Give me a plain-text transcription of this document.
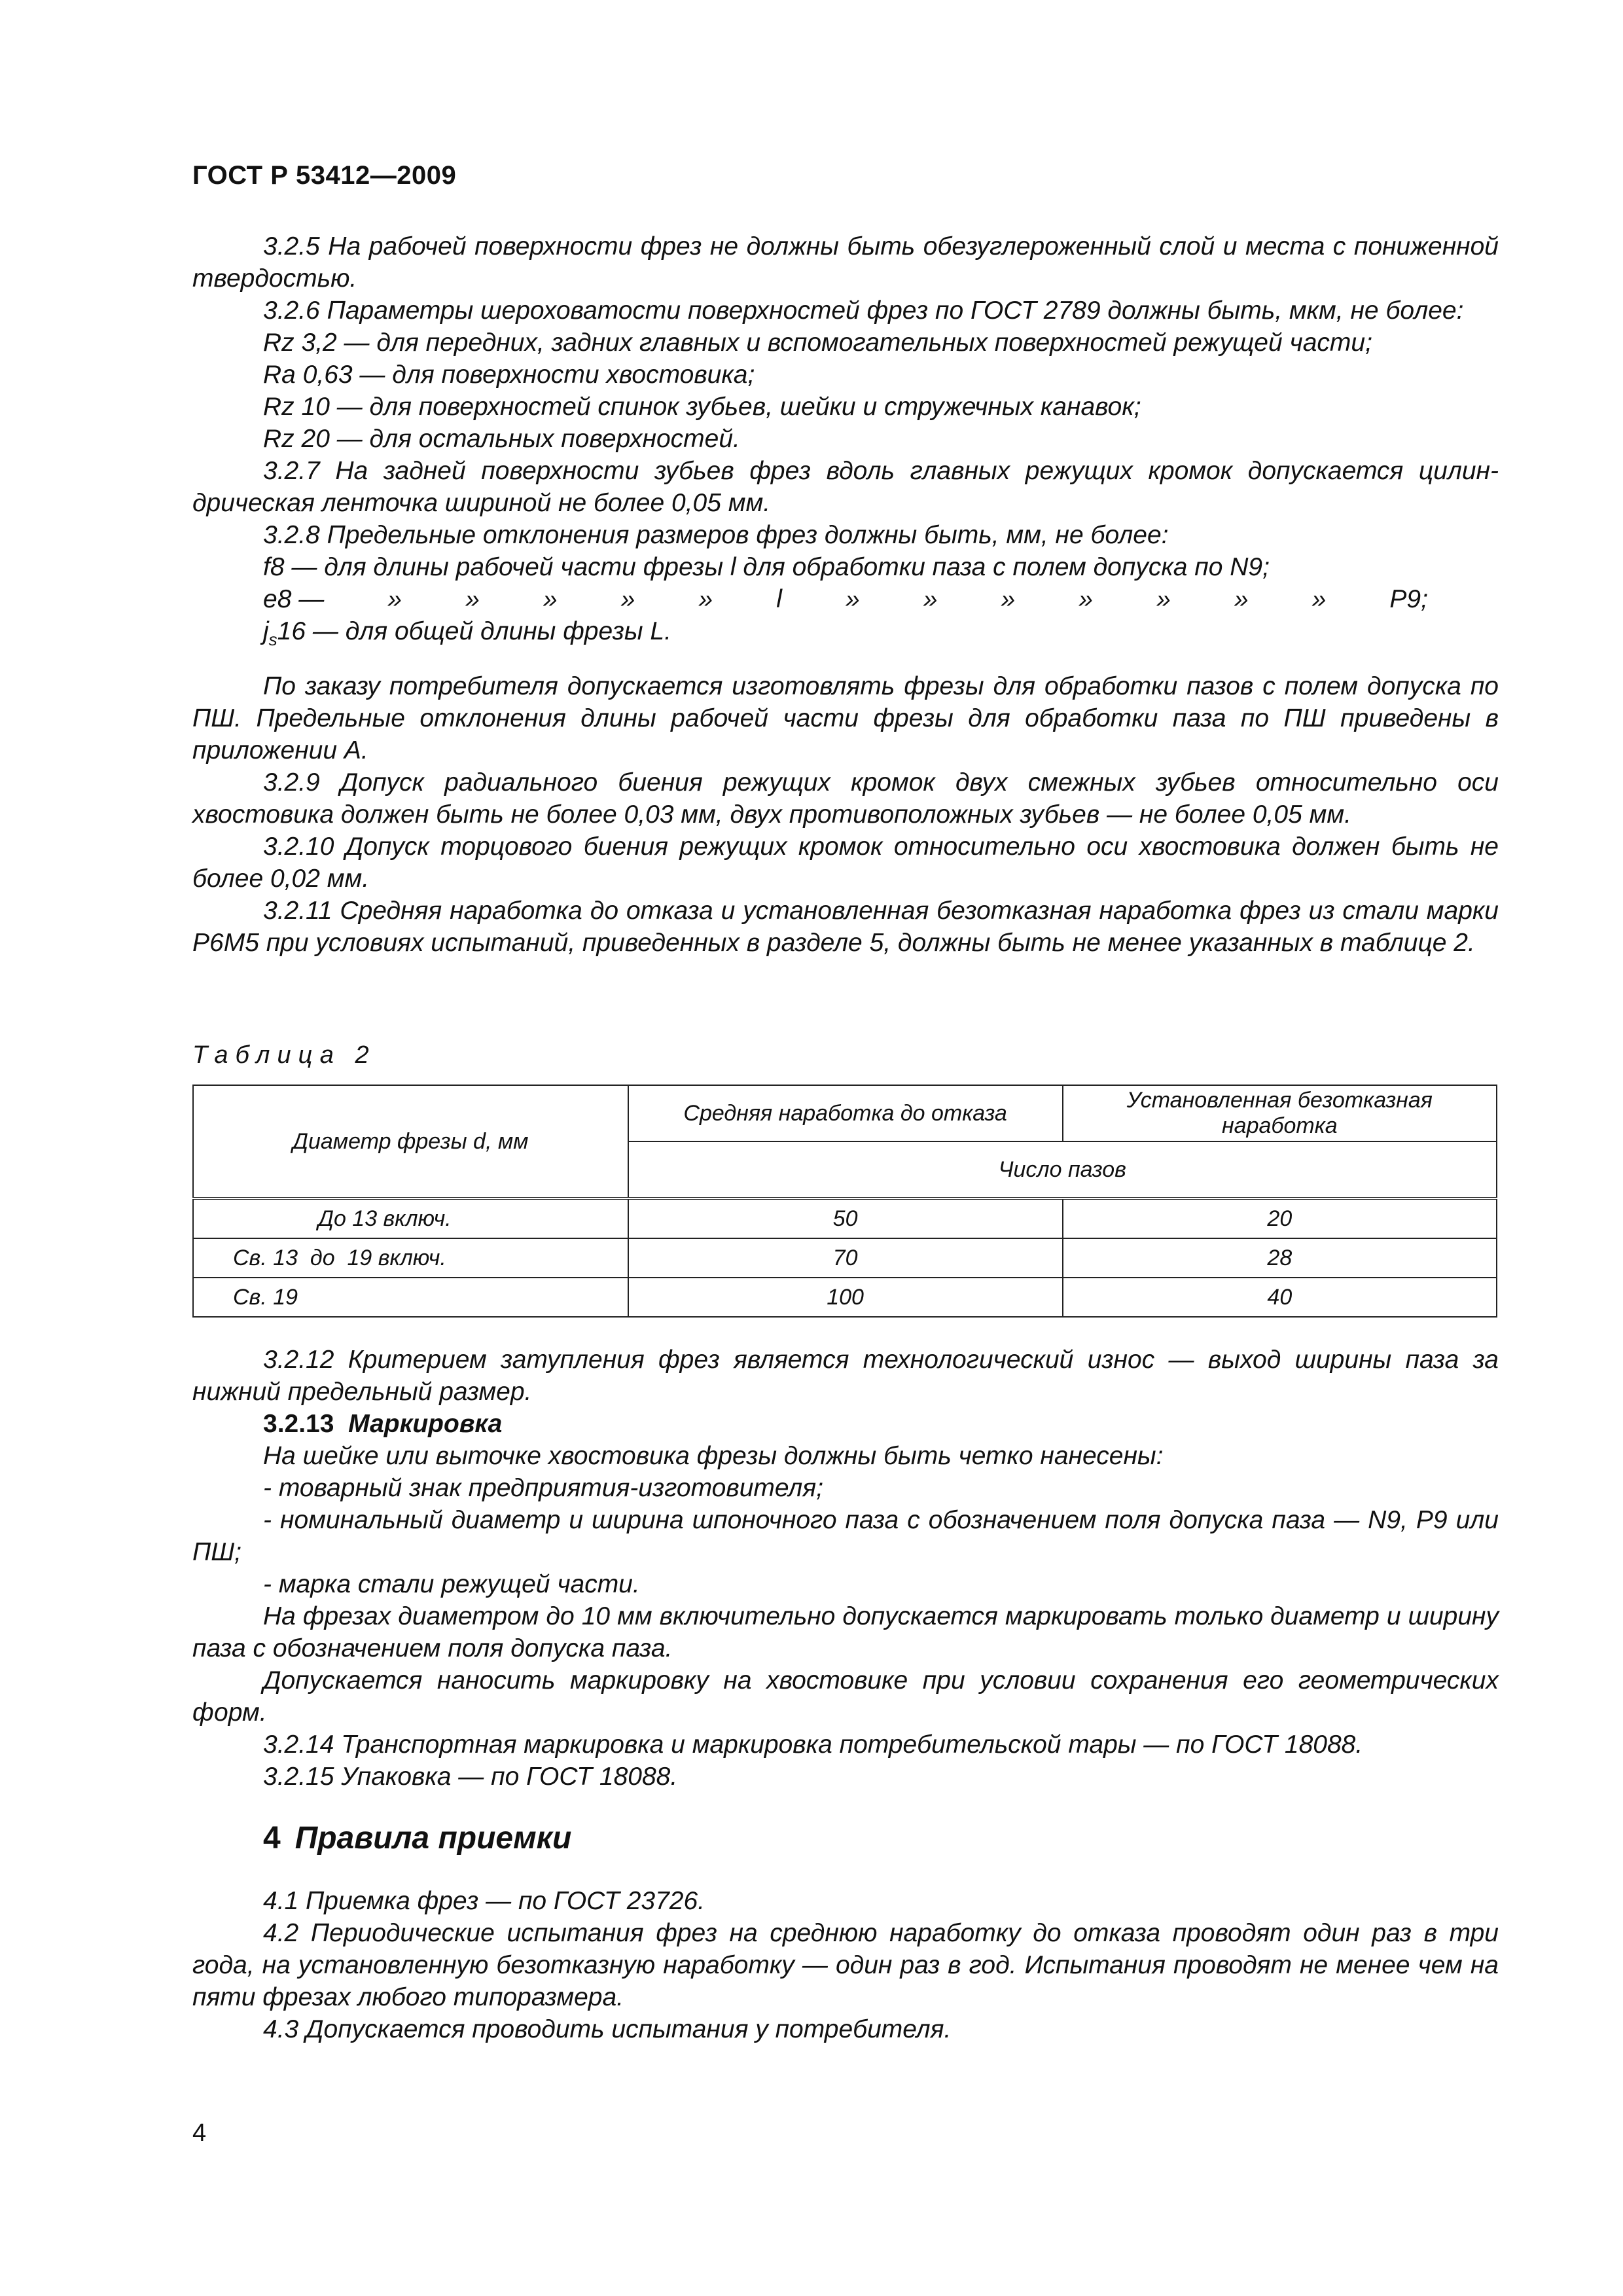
ГОСТ Р 53412—2009

3.2.5 На рабочей поверхности фрез не должны быть обезуглероженный слой и места с пониженной твердостью.

3.2.6 Параметры шероховатости поверхностей фрез по ГОСТ 2789 должны быть, мкм, не более:

Rz 3,2 — для передних, задних главных и вспомогательных поверхностей режущей части;

Ra 0,63 — для поверхности хвостовика;

Rz 10 — для поверхностей спинок зубьев, шейки и стружечных канавок;

Rz 20 — для остальных поверхностей.

3.2.7 На задней поверхности зубьев фрез вдоль главных режущих кромок допускается цилиндрическая ленточка шириной не более 0,05 мм.

3.2.8 Предельные отклонения размеров фрез должны быть, мм, не более:

f8 — для длины рабочей части фрезы l для обработки паза с полем допуска по N9;

e8 — » » » » » l » » » » » » » P9;

$j_s16$ — для общей длины фрезы L.

По заказу потребителя допускается изготовлять фрезы для обработки пазов с полем допуска по ПШ. Предельные отклонения длины рабочей части фрезы для обработки паза по ПШ приведены в приложении А.

3.2.9 Допуск радиального биения режущих кромок двух смежных зубьев относительно оси хвостовика должен быть не более 0,03 мм, двух противоположных зубьев — не более 0,05 мм.

3.2.10 Допуск торцового биения режущих кромок относительно оси хвостовика должен быть не более 0,02 мм.

3.2.11 Средняя наработка до отказа и установленная безотказная наработка фрез из стали марки Р6М5 при условиях испытаний, приведенных в разделе 5, должны быть не менее указанных в таблице 2.

Таблица 2
Диаметр фрезы d, мм	Средняя наработка до отказа	Установленная безотказная наработка
	Число пазов	
До 13 включ.	50	20
Св. 13  до  19 включ.	70	28
Св. 19	100	40

3.2.12 Критерием затупления фрез является технологический износ — выход ширины паза за нижний предельный размер.

3.2.13 Маркировка

На шейке или выточке хвостовика фрезы должны быть четко нанесены:

- товарный знак предприятия-изготовителя;

- номинальный диаметр и ширина шпоночного паза с обозначением поля допуска паза — N9, Р9 или ПШ;

- марка стали режущей части.

На фрезах диаметром до 10 мм включительно допускается маркировать только диаметр и ширину паза с обозначением поля допуска паза.

Допускается наносить маркировку на хвостовике при условии сохранения его геометрических форм.

3.2.14 Транспортная маркировка и маркировка потребительской тары — по ГОСТ 18088.

3.2.15 Упаковка — по ГОСТ 18088.

4 Правила приемки

4.1 Приемка фрез — по ГОСТ 23726.

4.2 Периодические испытания фрез на среднюю наработку до отказа проводят один раз в три года, на установленную безотказную наработку — один раз в год. Испытания проводят не менее чем на пяти фрезах любого типоразмера.

4.3 Допускается проводить испытания у потребителя.

4
